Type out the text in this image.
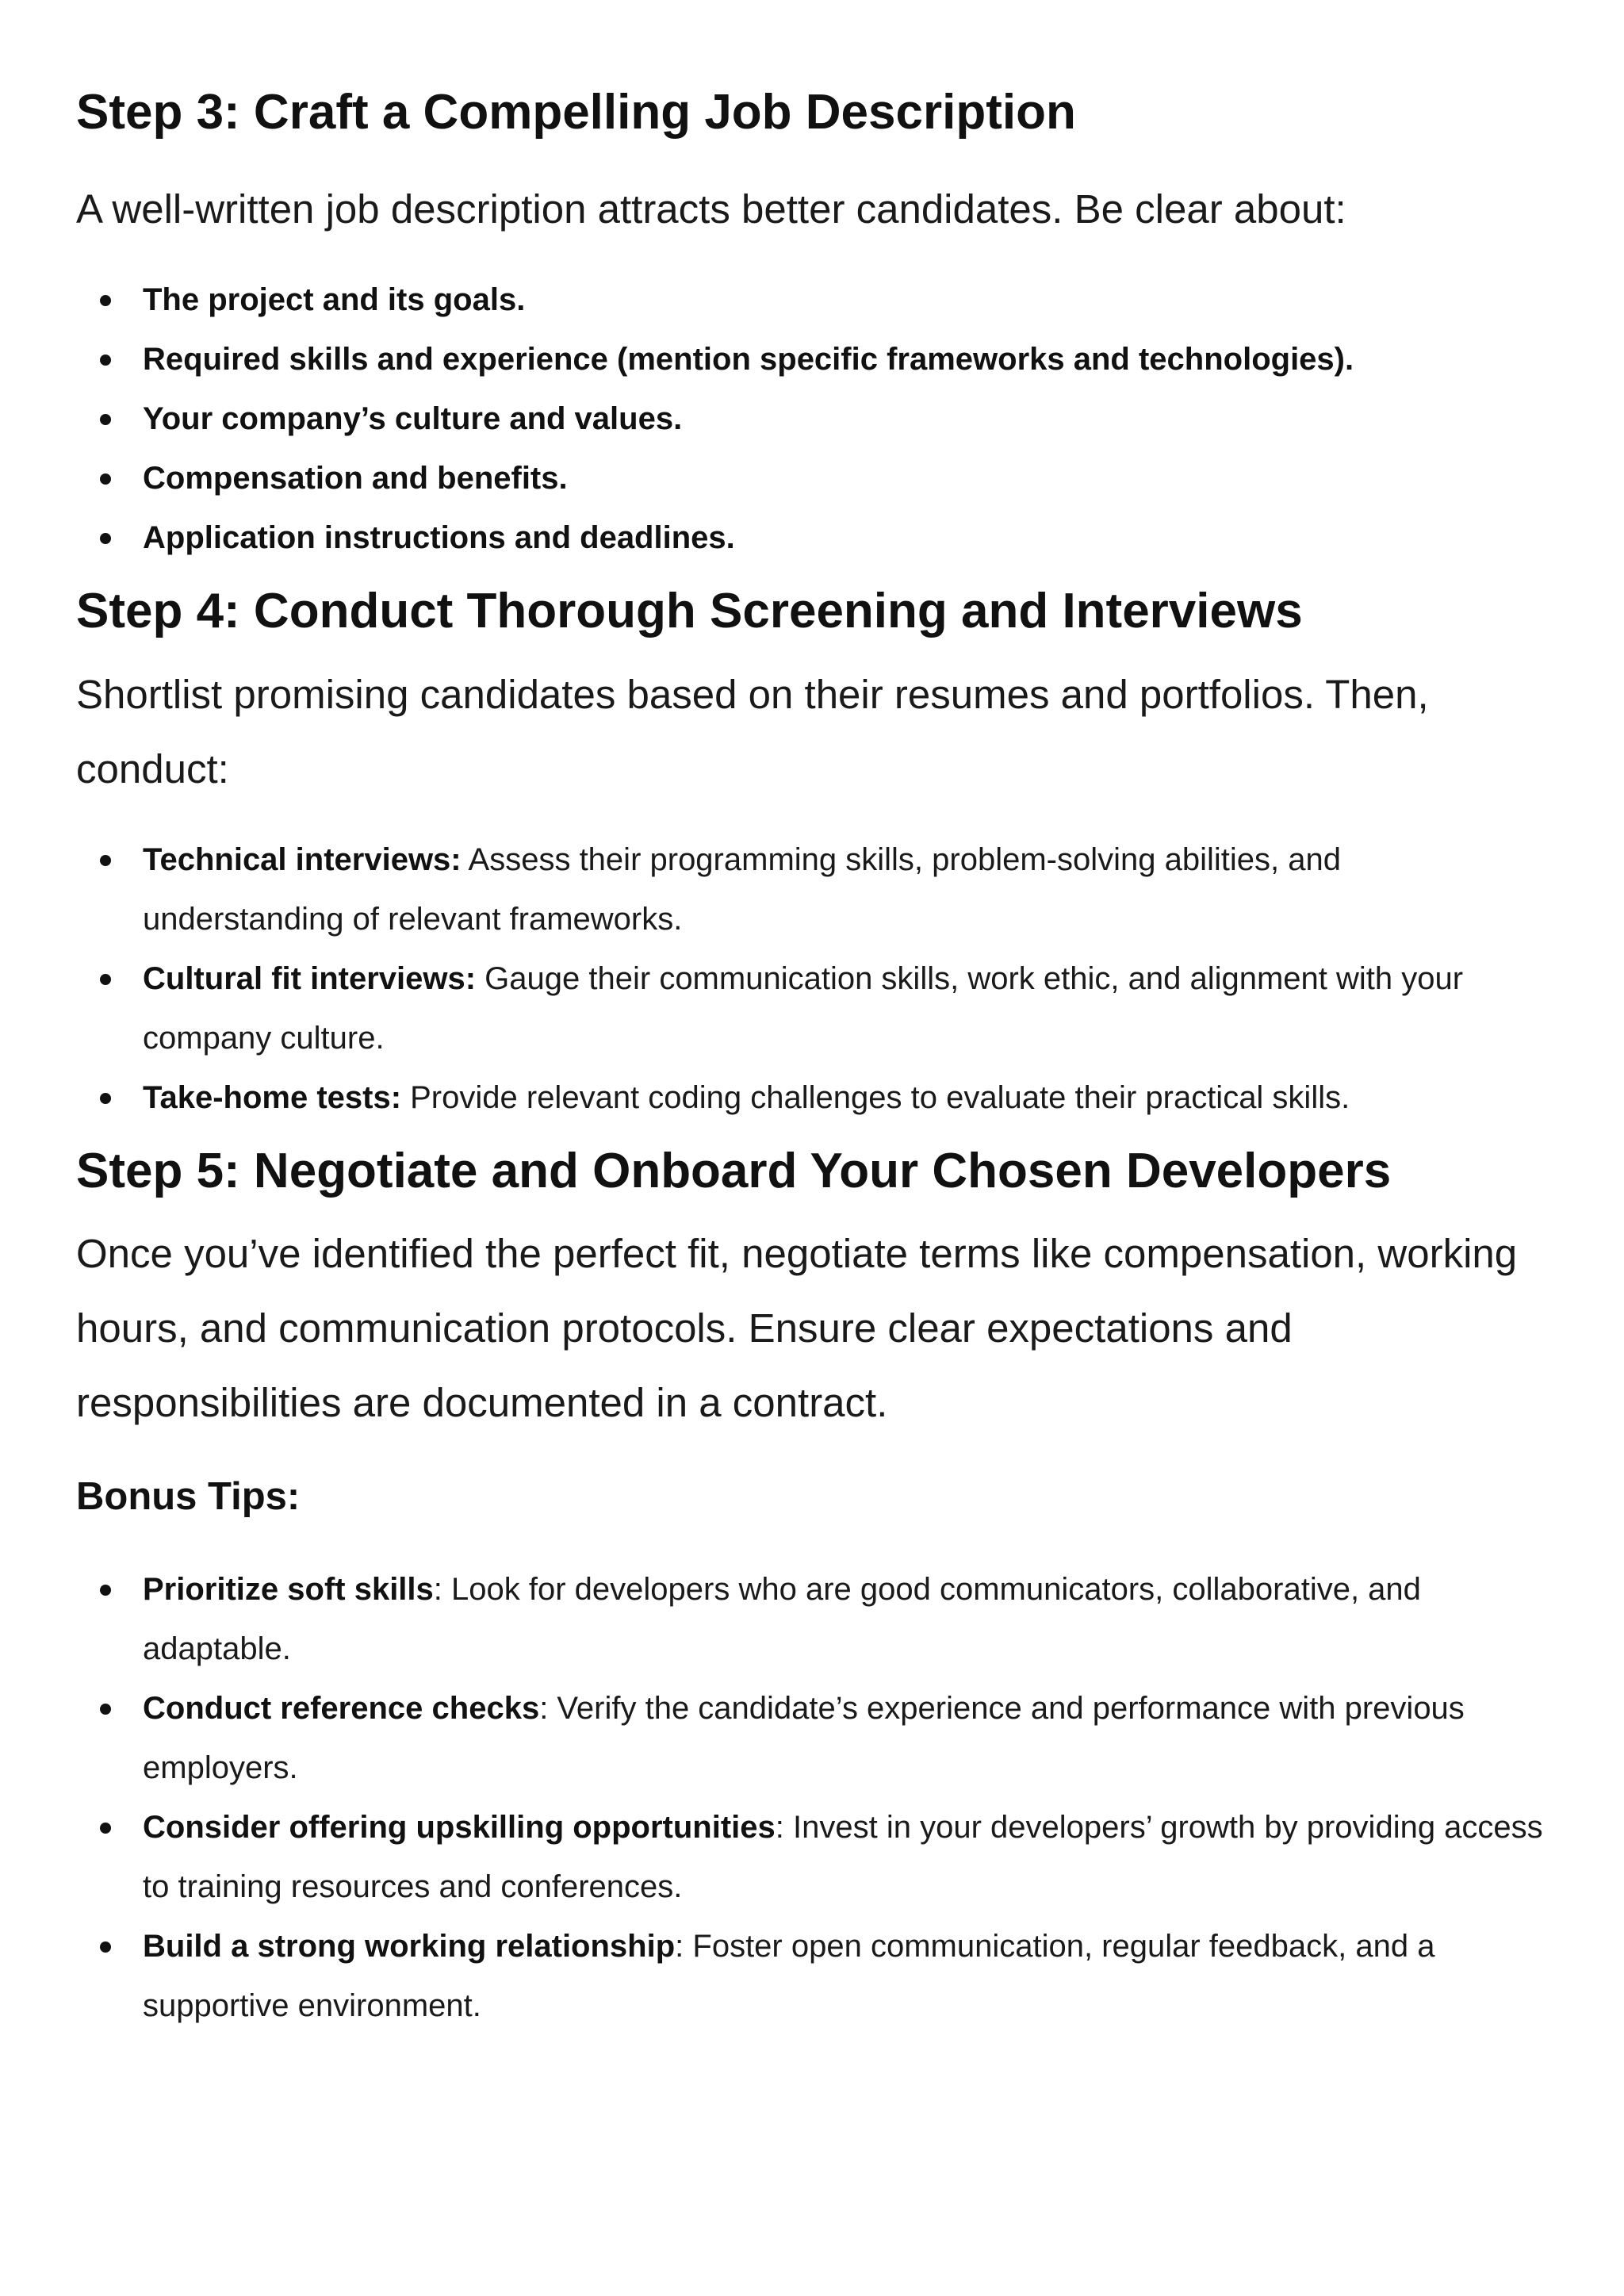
Step 3: Craft a Compelling Job Description

A well-written job description attracts better candidates. Be clear about:

The project and its goals.
Required skills and experience (mention specific frameworks and technologies).
Your company’s culture and values.
Compensation and benefits.
Application instructions and deadlines.
Step 4: Conduct Thorough Screening and Interviews

Shortlist promising candidates based on their resumes and portfolios. Then, conduct:

Technical interviews: Assess their programming skills, problem-solving abilities, and understanding of relevant frameworks.
Cultural fit interviews: Gauge their communication skills, work ethic, and alignment with your company culture.
Take-home tests: Provide relevant coding challenges to evaluate their practical skills.
Step 5: Negotiate and Onboard Your Chosen Developers

Once you’ve identified the perfect fit, negotiate terms like compensation, working hours, and communication protocols. Ensure clear expectations and responsibilities are documented in a contract.

Bonus Tips:
Prioritize soft skills: Look for developers who are good communicators, collaborative, and adaptable.
Conduct reference checks: Verify the candidate’s experience and performance with previous employers.
Consider offering upskilling opportunities: Invest in your developers’ growth by providing access to training resources and conferences.
Build a strong working relationship: Foster open communication, regular feedback, and a supportive environment.
